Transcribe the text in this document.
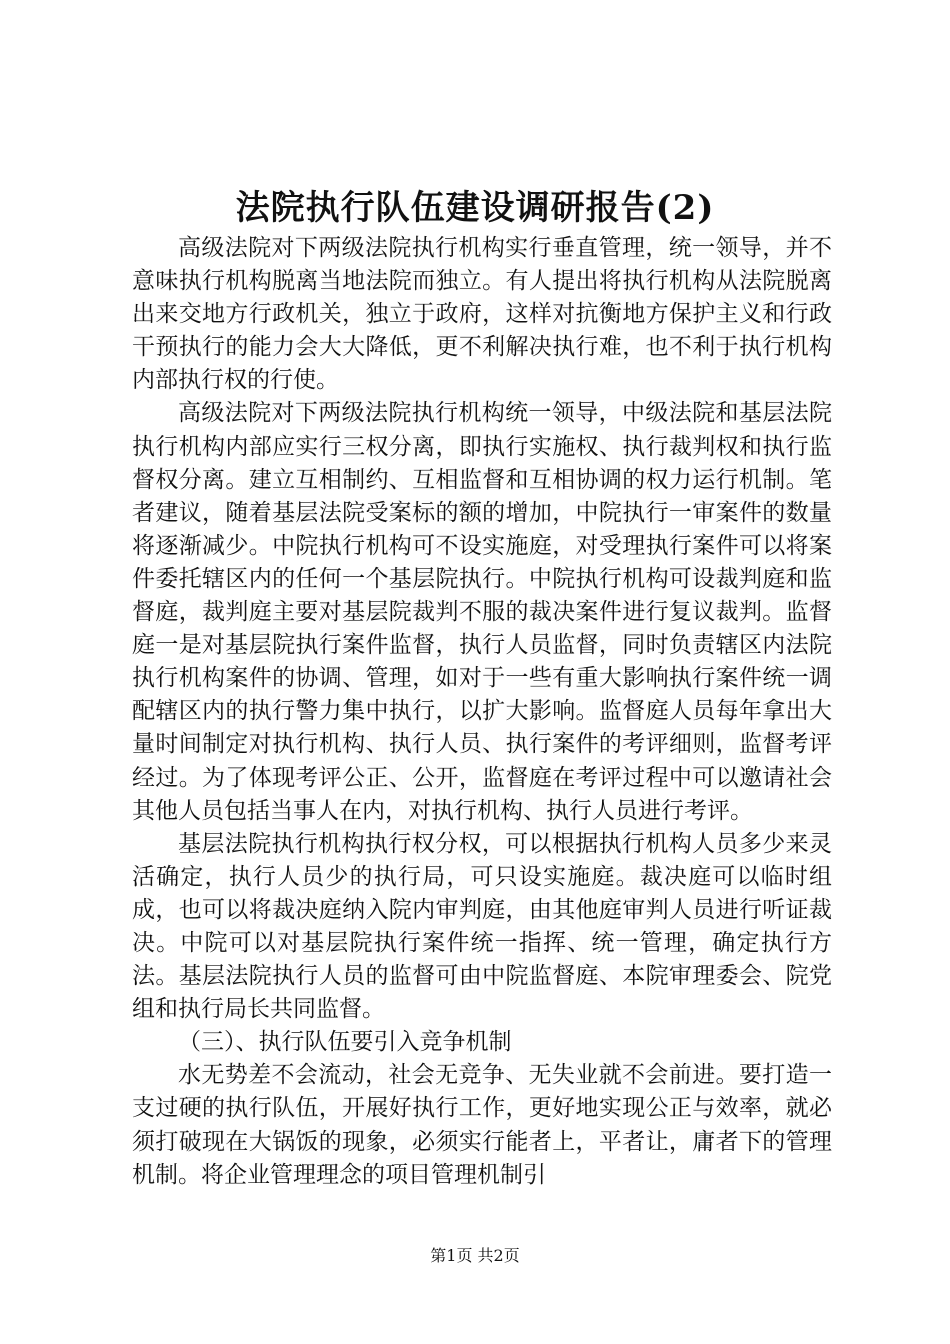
法院执行队伍建设调研报告(2)

高级法院对下两级法院执行机构实行垂直管理，统一领导，并不意味执行机构脱离当地法院而独立。有人提出将执行机构从法院脱离出来交地方行政机关，独立于政府，这样对抗衡地方保护主义和行政干预执行的能力会大大降低，更不利解决执行难，也不利于执行机构内部执行权的行使。

高级法院对下两级法院执行机构统一领导，中级法院和基层法院执行机构内部应实行三权分离，即执行实施权、执行裁判权和执行监督权分离。建立互相制约、互相监督和互相协调的权力运行机制。笔者建议，随着基层法院受案标的额的增加，中院执行一审案件的数量将逐渐减少。中院执行机构可不设实施庭，对受理执行案件可以将案件委托辖区内的任何一个基层院执行。中院执行机构可设裁判庭和监督庭，裁判庭主要对基层院裁判不服的裁决案件进行复议裁判。监督庭一是对基层院执行案件监督，执行人员监督，同时负责辖区内法院执行机构案件的协调、管理，如对于一些有重大影响执行案件统一调配辖区内的执行警力集中执行，以扩大影响。监督庭人员每年拿出大量时间制定对执行机构、执行人员、执行案件的考评细则，监督考评经过。为了体现考评公正、公开，监督庭在考评过程中可以邀请社会其他人员包括当事人在内，对执行机构、执行人员进行考评。

基层法院执行机构执行权分权，可以根据执行机构人员多少来灵活确定，执行人员少的执行局，可只设实施庭。裁决庭可以临时组成，也可以将裁决庭纳入院内审判庭，由其他庭审判人员进行听证裁决。中院可以对基层院执行案件统一指挥、统一管理，确定执行方法。基层法院执行人员的监督可由中院监督庭、本院审理委会、院党组和执行局长共同监督。

（三）、执行队伍要引入竞争机制

水无势差不会流动，社会无竞争、无失业就不会前进。要打造一支过硬的执行队伍，开展好执行工作，更好地实现公正与效率，就必须打破现在大锅饭的现象，必须实行能者上，平者让，庸者下的管理机制。将企业管理理念的项目管理机制引

第1页 共2页
